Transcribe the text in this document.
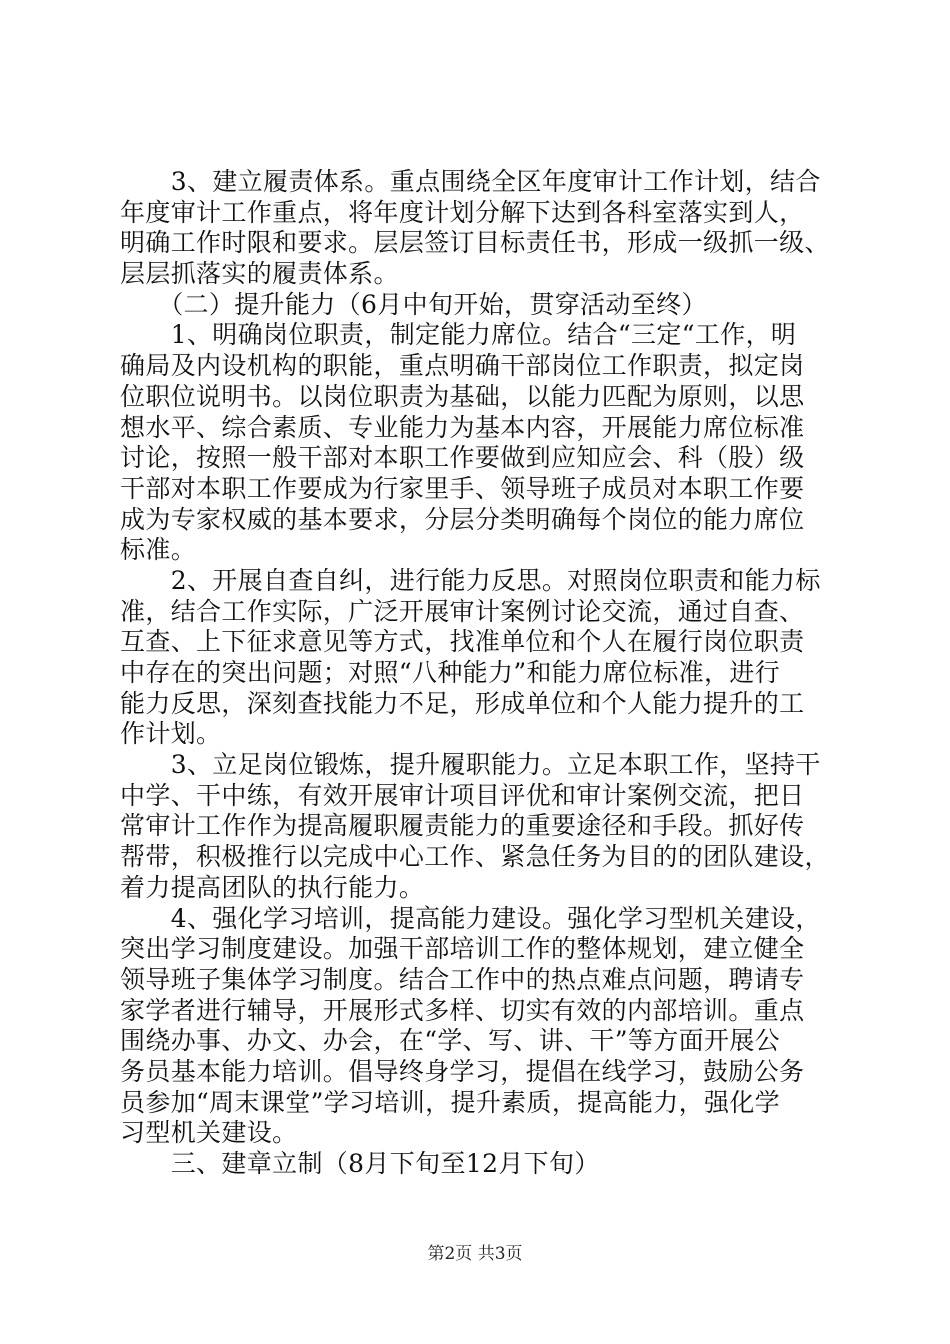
　　3、建立履责体系。重点围绕全区年度审计工作计划，结合
年度审计工作重点，将年度计划分解下达到各科室落实到人，
明确工作时限和要求。层层签订目标责任书，形成一级抓一级、
层层抓落实的履责体系。
　　（二）提升能力（6月中旬开始，贯穿活动至终）
　　1、明确岗位职责，制定能力席位。结合“三定“工作，明
确局及内设机构的职能，重点明确干部岗位工作职责，拟定岗
位职位说明书。以岗位职责为基础，以能力匹配为原则，以思
想水平、综合素质、专业能力为基本内容，开展能力席位标准
讨论，按照一般干部对本职工作要做到应知应会、科（股）级
干部对本职工作要成为行家里手、领导班子成员对本职工作要
成为专家权威的基本要求，分层分类明确每个岗位的能力席位
标准。
　　2、开展自查自纠，进行能力反思。对照岗位职责和能力标
准，结合工作实际，广泛开展审计案例讨论交流，通过自查、
互查、上下征求意见等方式，找准单位和个人在履行岗位职责
中存在的突出问题；对照“八种能力”和能力席位标准，进行
能力反思，深刻查找能力不足，形成单位和个人能力提升的工
作计划。
　　3、立足岗位锻炼，提升履职能力。立足本职工作，坚持干
中学、干中练，有效开展审计项目评优和审计案例交流，把日
常审计工作作为提高履职履责能力的重要途径和手段。抓好传
帮带，积极推行以完成中心工作、紧急任务为目的的团队建设，
着力提高团队的执行能力。
　　4、强化学习培训，提高能力建设。强化学习型机关建设，
突出学习制度建设。加强干部培训工作的整体规划，建立健全
领导班子集体学习制度。结合工作中的热点难点问题，聘请专
家学者进行辅导，开展形式多样、切实有效的内部培训。重点
围绕办事、办文、办会，在“学、写、讲、干”等方面开展公
务员基本能力培训。倡导终身学习，提倡在线学习，鼓励公务
员参加“周末课堂”学习培训，提升素质，提高能力，强化学
习型机关建设。
　　三、建章立制（8月下旬至12月下旬）
第2页 共3页
